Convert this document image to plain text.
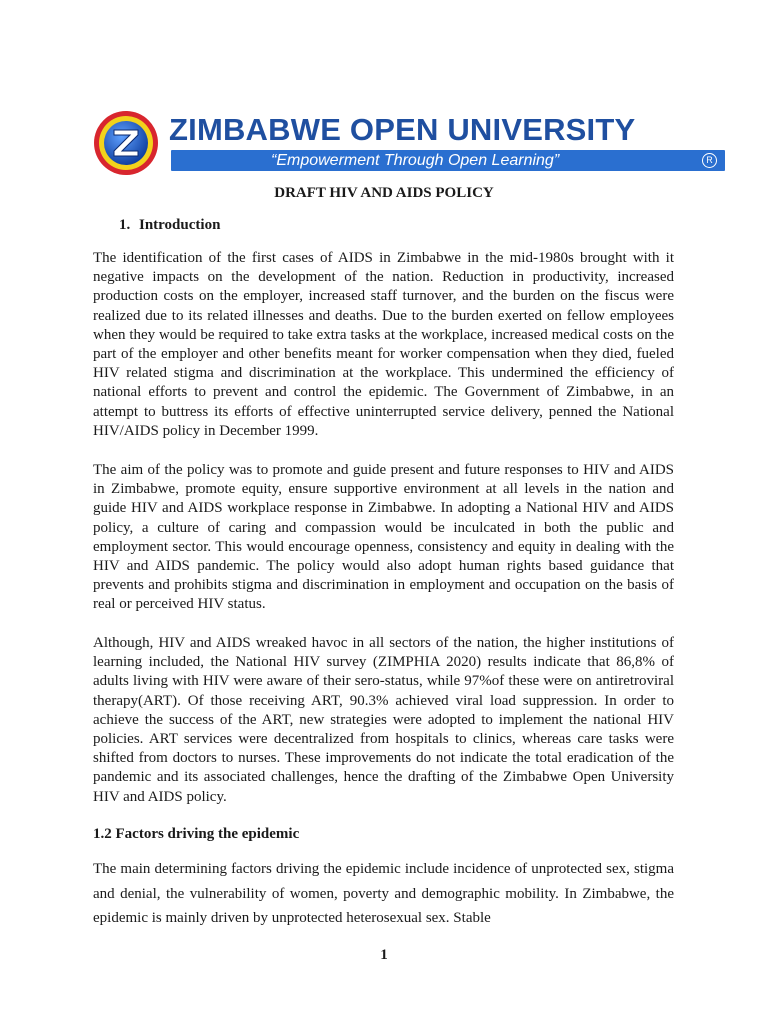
ZIMBABWE OPEN UNIVERSITY
“Empowerment Through Open Learning”	R
DRAFT HIV AND AIDS POLICY
1. Introduction

The identification of the first cases of AIDS in Zimbabwe in the mid-1980s brought with it negative impacts on the development of the nation. Reduction in productivity, increased production costs on the employer, increased staff turnover, and the burden on the fiscus were realized due to its related illnesses and deaths. Due to the burden exerted on fellow employees when they would be required to take extra tasks at the workplace, increased medical costs on the part of the employer and other benefits meant for worker compensation when they died, fueled HIV related stigma and discrimination at the workplace. This undermined the efficiency of national efforts to prevent and control the epidemic. The Government of Zimbabwe, in an attempt to buttress its efforts of effective uninterrupted service delivery, penned the National HIV/AIDS policy in December 1999.

The aim of the policy was to promote and guide present and future responses to HIV and AIDS in Zimbabwe, promote equity, ensure supportive environment at all levels in the nation and guide HIV and AIDS workplace response in Zimbabwe. In adopting a National HIV and AIDS policy, a culture of caring and compassion would be inculcated in both the public and employment sector. This would encourage openness, consistency and equity in dealing with the HIV and AIDS pandemic. The policy would also adopt human rights based guidance that prevents and prohibits stigma and discrimination in employment and occupation on the basis of real or perceived HIV status.

Although, HIV and AIDS wreaked havoc in all sectors of the nation, the higher institutions of learning included, the National HIV survey (ZIMPHIA 2020) results indicate that 86,8% of adults living with HIV were aware of their sero-status, while 97%of these were on antiretroviral therapy(ART). Of those receiving ART, 90.3% achieved viral load suppression. In order to achieve the success of the ART, new strategies were adopted to implement the national HIV policies. ART services were decentralized from hospitals to clinics, whereas care tasks were shifted from doctors to nurses. These improvements do not indicate the total eradication of the pandemic and its associated challenges, hence the drafting of the Zimbabwe Open University HIV and AIDS policy.

1.2 Factors driving the epidemic

The main determining factors driving the epidemic include incidence of unprotected sex, stigma and denial, the vulnerability of women, poverty and demographic mobility. In Zimbabwe, the epidemic is mainly driven by unprotected heterosexual sex. Stable

1
